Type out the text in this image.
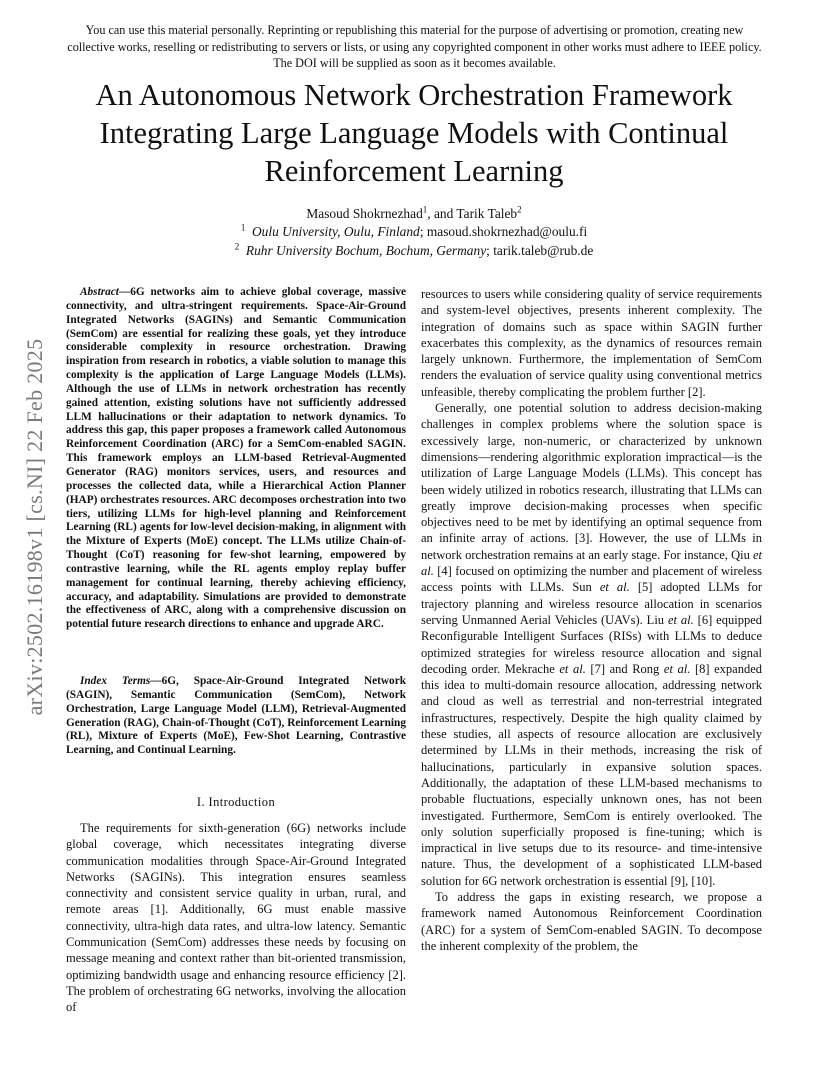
You can use this material personally. Reprinting or republishing this material for the purpose of advertising or promotion, creating new collective works, reselling or redistributing to servers or lists, or using any copyrighted component in other works must adhere to IEEE policy. The DOI will be supplied as soon as it becomes available.
An Autonomous Network Orchestration Framework Integrating Large Language Models with Continual Reinforcement Learning
Masoud Shokrnezhad$^1$, and Tarik Taleb$^2$
$^1$ Oulu University, Oulu, Finland; masoud.shokrnezhad@oulu.fi
$^2$ Ruhr University Bochum, Bochum, Germany; tarik.taleb@rub.de
arXiv:2502.16198v1 [cs.NI] 22 Feb 2025

Abstract—6G networks aim to achieve global coverage, massive connectivity, and ultra-stringent requirements. Space-Air-Ground Integrated Networks (SAGINs) and Semantic Communication (SemCom) are essential for realizing these goals, yet they introduce considerable complexity in resource orchestration. Drawing inspiration from research in robotics, a viable solution to manage this complexity is the application of Large Language Models (LLMs). Although the use of LLMs in network orchestration has recently gained attention, existing solutions have not sufficiently addressed LLM hallucinations or their adaptation to network dynamics. To address this gap, this paper proposes a framework called Autonomous Reinforcement Coordination (ARC) for a SemCom-enabled SAGIN. This framework employs an LLM-based Retrieval-Augmented Generator (RAG) monitors services, users, and resources and processes the collected data, while a Hierarchical Action Planner (HAP) orchestrates resources. ARC decomposes orchestration into two tiers, utilizing LLMs for high-level planning and Reinforcement Learning (RL) agents for low-level decision-making, in alignment with the Mixture of Experts (MoE) concept. The LLMs utilize Chain-of-Thought (CoT) reasoning for few-shot learning, empowered by contrastive learning, while the RL agents employ replay buffer management for continual learning, thereby achieving efficiency, accuracy, and adaptability. Simulations are provided to demonstrate the effectiveness of ARC, along with a comprehensive discussion on potential future research directions to enhance and upgrade ARC.

Index Terms—6G, Space-Air-Ground Integrated Network (SAGIN), Semantic Communication (SemCom), Network Orchestration, Large Language Model (LLM), Retrieval-Augmented Generation (RAG), Chain-of-Thought (CoT), Reinforcement Learning (RL), Mixture of Experts (MoE), Few-Shot Learning, Contrastive Learning, and Continual Learning.

I. Introduction

The requirements for sixth-generation (6G) networks include global coverage, which necessitates integrating diverse communication modalities through Space-Air-Ground Integrated Networks (SAGINs). This integration ensures seamless connectivity and consistent service quality in urban, rural, and remote areas [1]. Additionally, 6G must enable massive connectivity, ultra-high data rates, and ultra-low latency. Semantic Communication (SemCom) addresses these needs by focusing on message meaning and context rather than bit-oriented transmission, optimizing bandwidth usage and enhancing resource efficiency [2]. The problem of orchestrating 6G networks, involving the allocation of

resources to users while considering quality of service requirements and system-level objectives, presents inherent complexity. The integration of domains such as space within SAGIN further exacerbates this complexity, as the dynamics of resources remain largely unknown. Furthermore, the implementation of SemCom renders the evaluation of service quality using conventional metrics unfeasible, thereby complicating the problem further [2].

Generally, one potential solution to address decision-making challenges in complex problems where the solution space is excessively large, non-numeric, or characterized by unknown dimensions—rendering algorithmic exploration impractical—is the utilization of Large Language Models (LLMs). This concept has been widely utilized in robotics research, illustrating that LLMs can greatly improve decision-making processes when specific objectives need to be met by identifying an optimal sequence from an infinite array of actions. [3]. However, the use of LLMs in network orchestration remains at an early stage. For instance, Qiu et al. [4] focused on optimizing the number and placement of wireless access points with LLMs. Sun et al. [5] adopted LLMs for trajectory planning and wireless resource allocation in scenarios serving Unmanned Aerial Vehicles (UAVs). Liu et al. [6] equipped Reconfigurable Intelligent Surfaces (RISs) with LLMs to deduce optimized strategies for wireless resource allocation and signal decoding order. Mekrache et al. [7] and Rong et al. [8] expanded this idea to multi-domain resource allocation, addressing network and cloud as well as terrestrial and non-terrestrial integrated infrastructures, respectively. Despite the high quality claimed by these studies, all aspects of resource allocation are exclusively determined by LLMs in their methods, increasing the risk of hallucinations, particularly in expansive solution spaces. Additionally, the adaptation of these LLM-based mechanisms to probable fluctuations, especially unknown ones, has not been investigated. Furthermore, SemCom is entirely overlooked. The only solution superficially proposed is fine-tuning; which is impractical in live setups due to its resource- and time-intensive nature. Thus, the development of a sophisticated LLM-based solution for 6G network orchestration is essential [9], [10].

To address the gaps in existing research, we propose a framework named Autonomous Reinforcement Coordination (ARC) for a system of SemCom-enabled SAGIN. To decompose the inherent complexity of the problem, the
